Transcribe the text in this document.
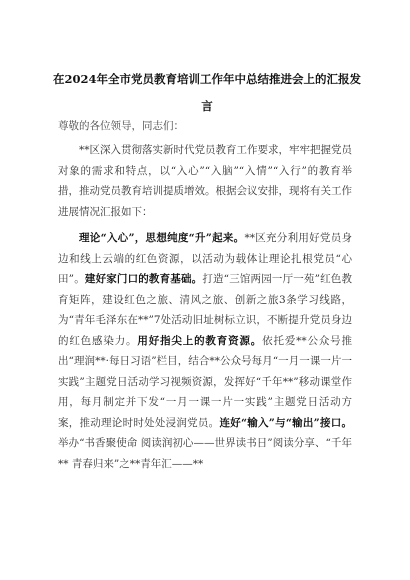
在2024年全市党员教育培训工作年中总结推进会上的汇报发言
尊敬的各位领导，同志们：
**区深入贯彻落实新时代党员教育工作要求，牢牢把握党员对象的需求和特点，以“入心”“入脑”“入情”“入行”的教育举措，推动党员教育培训提质增效。根据会议安排，现将有关工作进展情况汇报如下：
理论“入心”，思想纯度“升”起来。**区充分利用好党员身边和线上云端的红色资源，以活动为载体让理论扎根党员“心田”。建好家门口的教育基础。打造“三馆两园一厅一苑”红色教育矩阵，建设红色之旅、清风之旅、创新之旅3条学习线路，为“青年毛泽东在**”7处活动旧址树标立识，不断提升党员身边的红色感染力。用好指尖上的教育资源。依托爱**公众号推出“理润**·每日习语”栏目，结合**公众号每月“一月一课一片一实践”主题党日活动学习视频资源，发挥好“千年**”移动课堂作用，每月制定并下发“一月一课一片一实践”主题党日活动方案，推动理论时时处处浸润党员。连好“输入”与“输出”接口。举办“书香聚使命 阅读润初心——世界读书日”阅读分享、“千年** 青春归来”之**青年汇——**
